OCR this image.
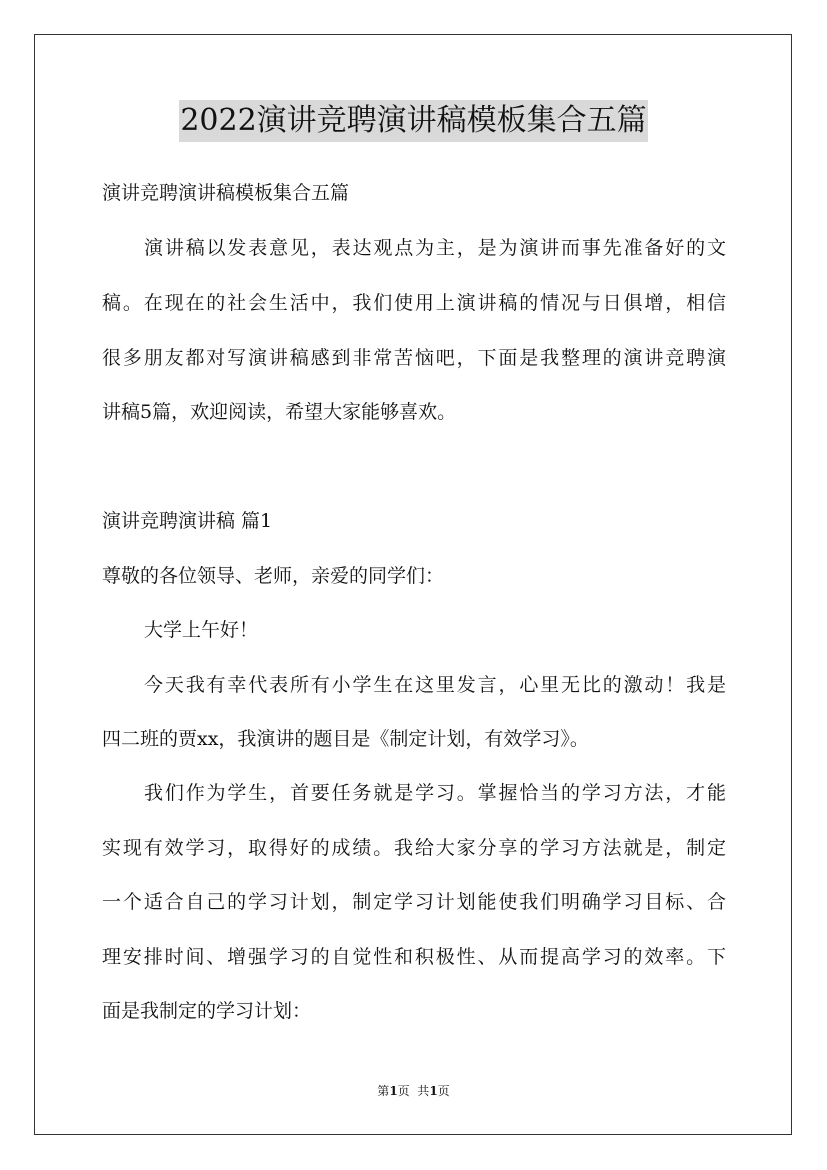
2022演讲竞聘演讲稿模板集合五篇
演讲竞聘演讲稿模板集合五篇
演讲稿以发表意见，表达观点为主，是为演讲而事先准备好的文
稿。在现在的社会生活中，我们使用上演讲稿的情况与日俱增，相信
很多朋友都对写演讲稿感到非常苦恼吧，下面是我整理的演讲竞聘演
讲稿5篇，欢迎阅读，希望大家能够喜欢。
演讲竞聘演讲稿 篇1
尊敬的各位领导、老师，亲爱的同学们：
大学上午好！
今天我有幸代表所有小学生在这里发言，心里无比的激动！我是
四二班的贾xx，我演讲的题目是《制定计划，有效学习》。
我们作为学生，首要任务就是学习。掌握恰当的学习方法，才能
实现有效学习，取得好的成绩。我给大家分享的学习方法就是，制定
一个适合自己的学习计划，制定学习计划能使我们明确学习目标、合
理安排时间、增强学习的自觉性和积极性、从而提高学习的效率。下
面是我制定的学习计划：
第1页  共1页
